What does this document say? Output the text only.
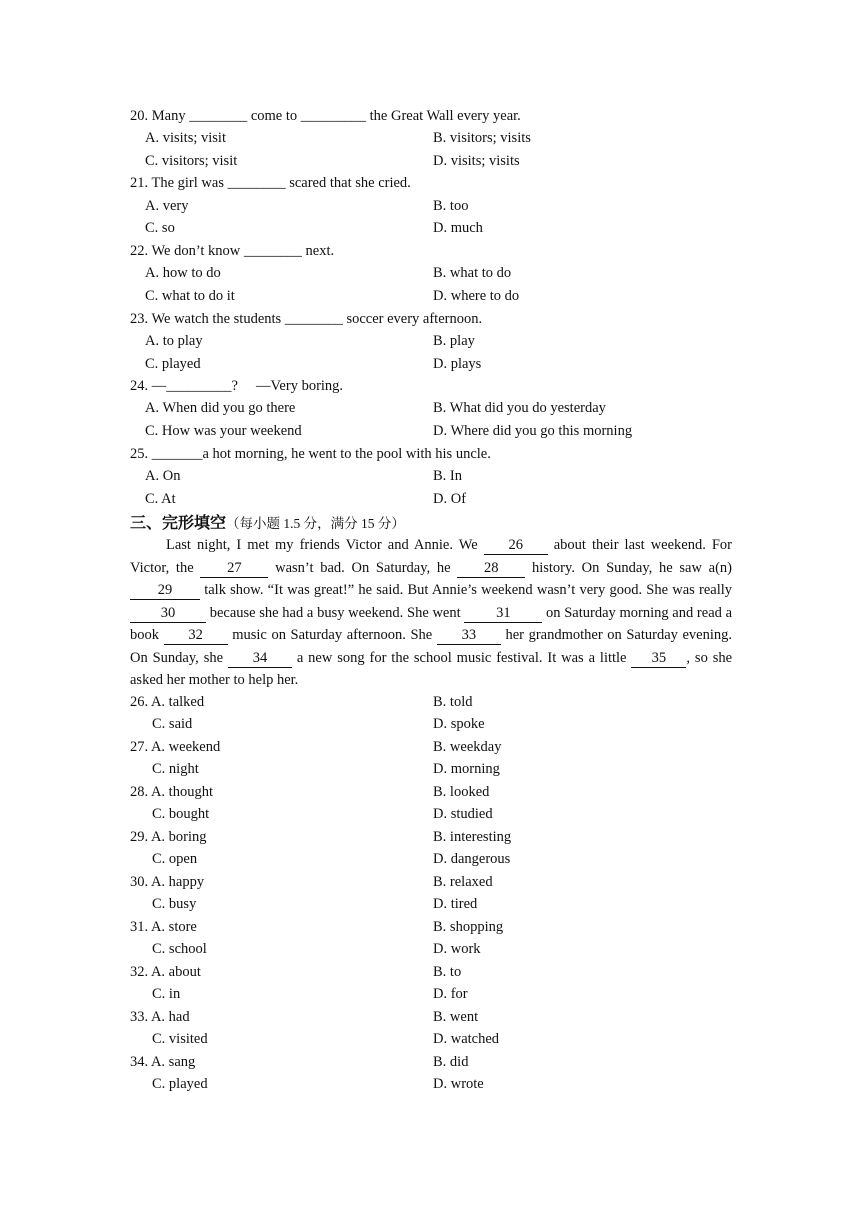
20. Many ________ come to _________ the Great Wall every year.
A. visits; visit	B. visitors; visits
C. visitors; visit	D. visits; visits
21. The girl was ________ scared that she cried.
A. very	B. too
C. so	D. much
22. We don’t know ________ next.
A. how to do	B. what to do
C. what to do it	D. where to do
23. We watch the students ________ soccer every afternoon.
A. to play	B. play
C. played	D. plays
24. —_________?     —Very boring.
A. When did you go there	B. What did you do yesterday
C. How was your weekend	D. Where did you go this morning
25. _______a hot morning, he went to the pool with his uncle.
A. On	B. In
C. At	D. Of
三、完形填空（每小题 1.5 分，满分 15 分）
Last night, I met my friends Victor and Annie. We 26 about their last weekend. For Victor, the 27 wasn’t bad. On Saturday, he 28 history. On Sunday, he saw a(n) 29 talk show. “It was great!” he said. But Annie’s weekend wasn’t very good. She was really 30 because she had a busy weekend. She went 31 on Saturday morning and read a book 32 music on Saturday afternoon. She 33 her grandmother on Saturday evening. On Sunday, she 34 a new song for the school music festival. It was a little 35 , so she asked her mother to help her.
26. A. talked	B. told
C. said	D. spoke
27. A. weekend	B. weekday
C. night	D. morning
28. A. thought	B. looked
C. bought	D. studied
29. A. boring	B. interesting
C. open	D. dangerous
30. A. happy	B. relaxed
C. busy	D. tired
31. A. store	B. shopping
C. school	D. work
32. A. about	B. to
C. in	D. for
33. A. had	B. went
C. visited	D. watched
34. A. sang	B. did
C. played	D. wrote
